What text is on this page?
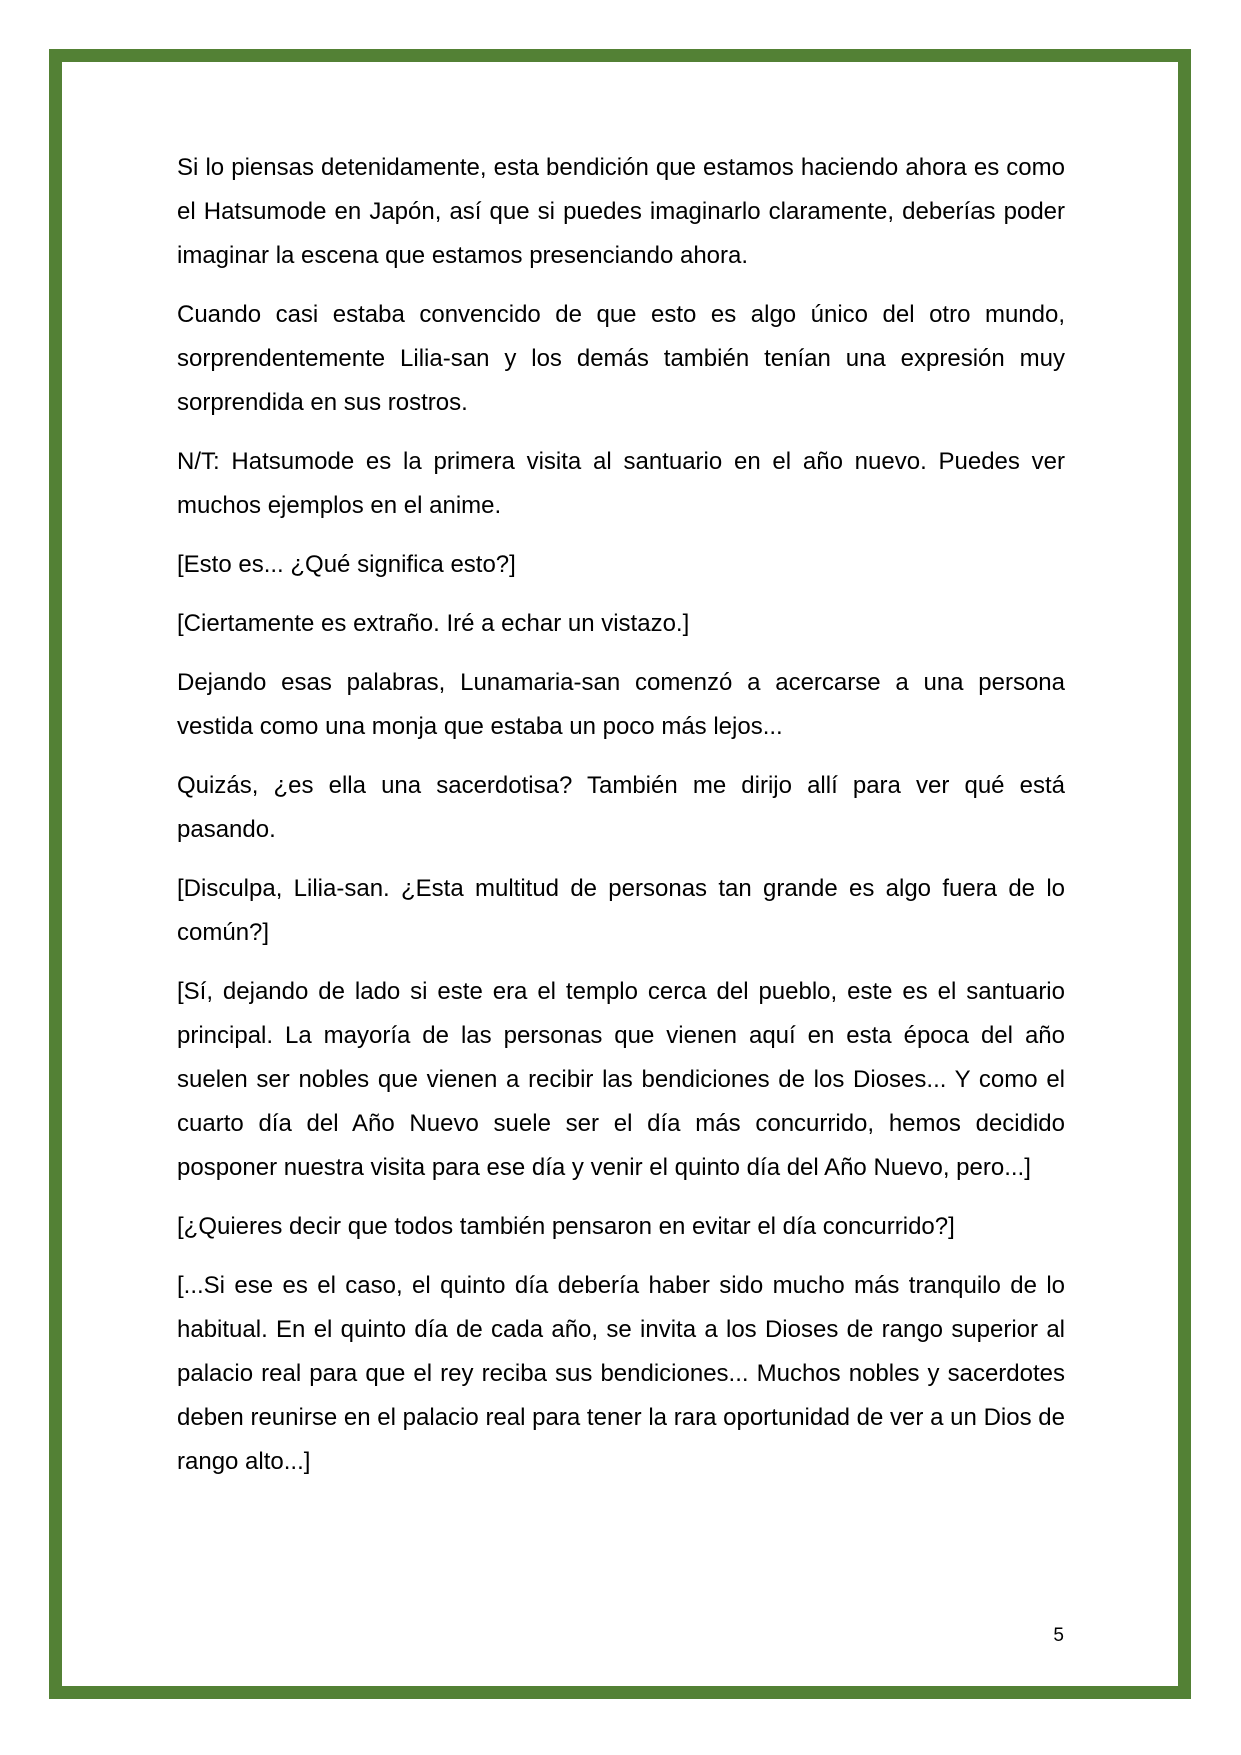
Si lo piensas detenidamente, esta bendición que estamos haciendo ahora es como el Hatsumode en Japón, así que si puedes imaginarlo claramente, deberías poder imaginar la escena que estamos presenciando ahora.

Cuando casi estaba convencido de que esto es algo único del otro mundo, sorprendentemente Lilia-san y los demás también tenían una expresión muy sorprendida en sus rostros.

N/T: Hatsumode es la primera visita al santuario en el año nuevo. Puedes ver muchos ejemplos en el anime.

[Esto es... ¿Qué significa esto?]

[Ciertamente es extraño. Iré a echar un vistazo.]

Dejando esas palabras, Lunamaria-san comenzó a acercarse a una persona vestida como una monja que estaba un poco más lejos...

Quizás, ¿es ella una sacerdotisa? También me dirijo allí para ver qué está pasando.

[Disculpa, Lilia-san. ¿Esta multitud de personas tan grande es algo fuera de lo común?]

[Sí, dejando de lado si este era el templo cerca del pueblo, este es el santuario principal. La mayoría de las personas que vienen aquí en esta época del año suelen ser nobles que vienen a recibir las bendiciones de los Dioses... Y como el cuarto día del Año Nuevo suele ser el día más concurrido, hemos decidido posponer nuestra visita para ese día y venir el quinto día del Año Nuevo, pero...]

[¿Quieres decir que todos también pensaron en evitar el día concurrido?]

[...Si ese es el caso, el quinto día debería haber sido mucho más tranquilo de lo habitual. En el quinto día de cada año, se invita a los Dioses de rango superior al palacio real para que el rey reciba sus bendiciones... Muchos nobles y sacerdotes deben reunirse en el palacio real para tener la rara oportunidad de ver a un Dios de rango alto...]

5
